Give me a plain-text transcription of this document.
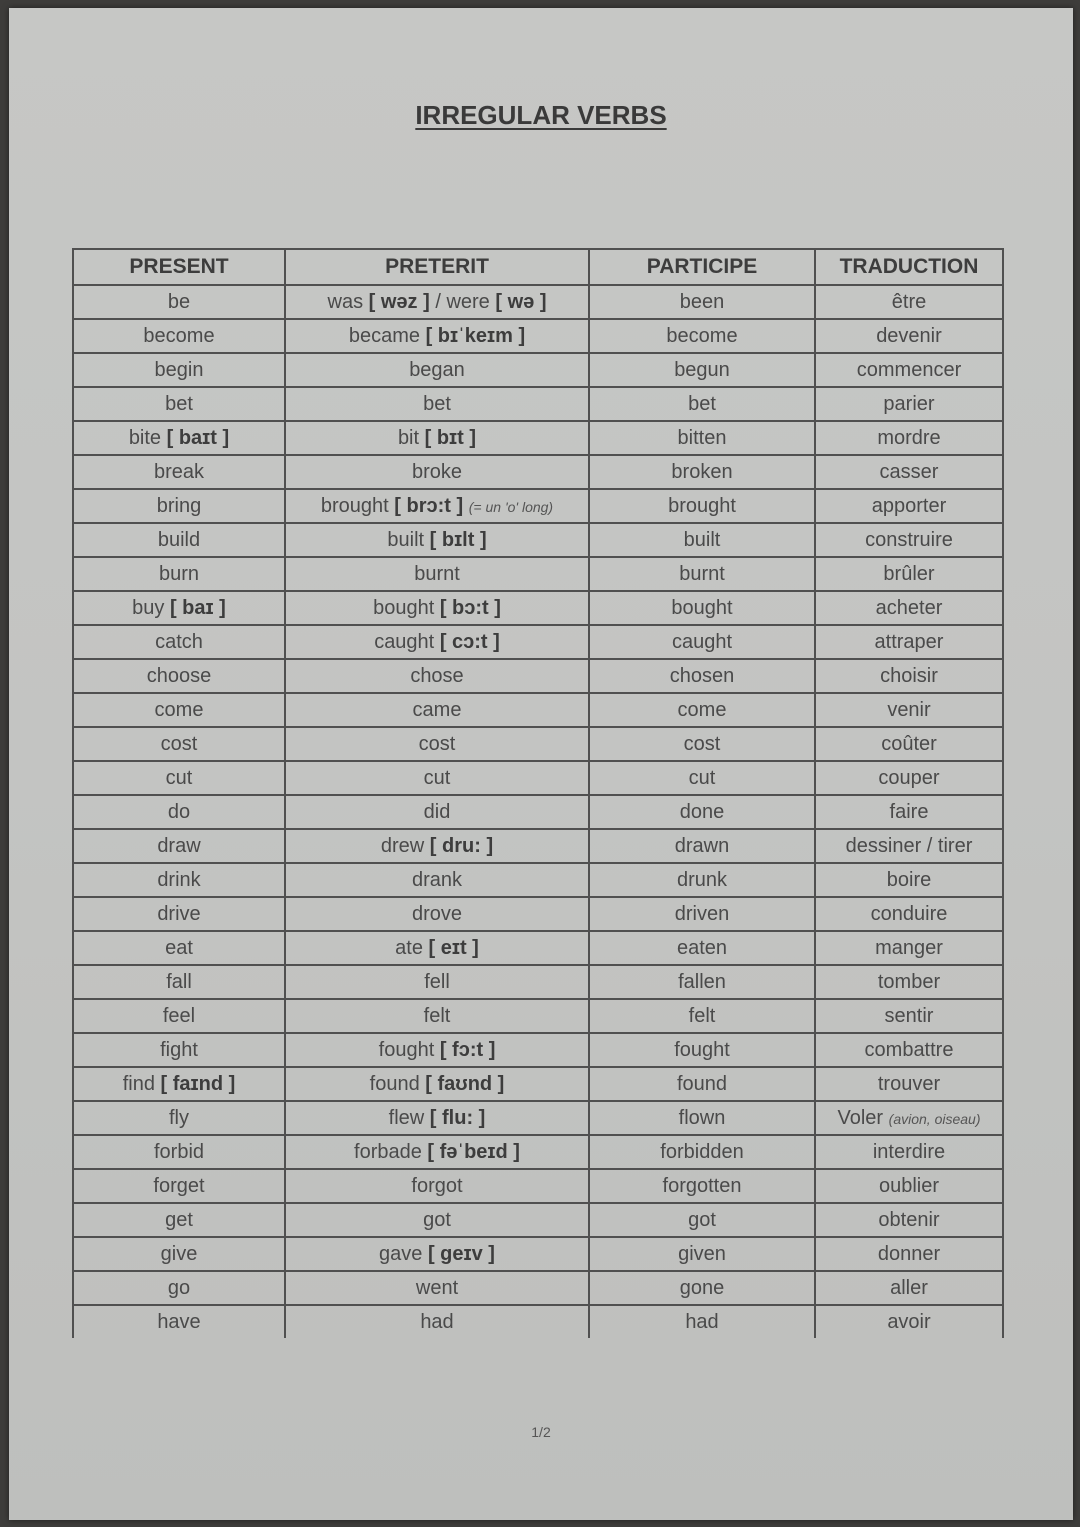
IRREGULAR VERBS
PRESENT	PRETERIT	PARTICIPE	TRADUCTION
be	was [ wəz ] / were [ wə ]	been	être
become	became [ bɪˈkeɪm ]	become	devenir
begin	began	begun	commencer
bet	bet	bet	parier
bite [ baɪt ]	bit [ bɪt ]	bitten	mordre
break	broke	broken	casser
bring	brought [ brɔ:t ] (= un 'o' long)	brought	apporter
build	built [ bɪlt ]	built	construire
burn	burnt	burnt	brûler
buy [ baɪ ]	bought [ bɔ:t ]	bought	acheter
catch	caught [ cɔ:t ]	caught	attraper
choose	chose	chosen	choisir
come	came	come	venir
cost	cost	cost	coûter
cut	cut	cut	couper
do	did	done	faire
draw	drew [ dru: ]	drawn	dessiner / tirer
drink	drank	drunk	boire
drive	drove	driven	conduire
eat	ate [ eɪt ]	eaten	manger
fall	fell	fallen	tomber
feel	felt	felt	sentir
fight	fought [ fɔ:t ]	fought	combattre
find [ faɪnd ]	found [ faʊnd ]	found	trouver
fly	flew [ flu: ]	flown	Voler (avion, oiseau)
forbid	forbade [ fəˈbeɪd ]	forbidden	interdire
forget	forgot	forgotten	oublier
get	got	got	obtenir
give	gave [ geɪv ]	given	donner
go	went	gone	aller
have	had	had	avoir
1/2
